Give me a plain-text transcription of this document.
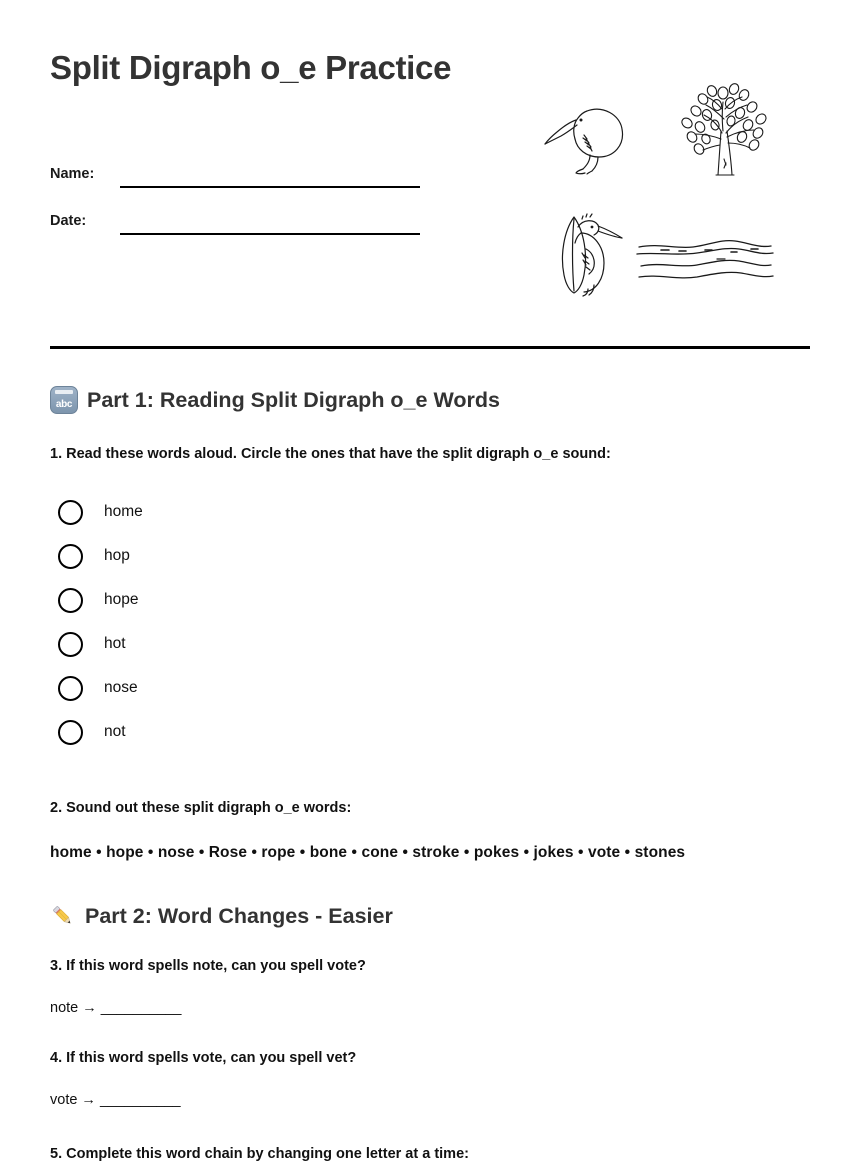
Split Digraph o_e Practice
Name:
Date:
abc Part 1: Reading Split Digraph o_e Words

1. Read these words aloud. Circle the ones that have the split digraph o_e sound:

home
hop
hope
hot
nose
not

2. Sound out these split digraph o_e words:

home • hope • nose • Rose • rope • bone • cone • stroke • pokes • jokes • vote • stones

Part 2: Word Changes - Easier

3. If this word spells note, can you spell vote?

note → __________

4. If this word spells vote, can you spell vet?

vote → __________

5. Complete this word chain by changing one letter at a time:
